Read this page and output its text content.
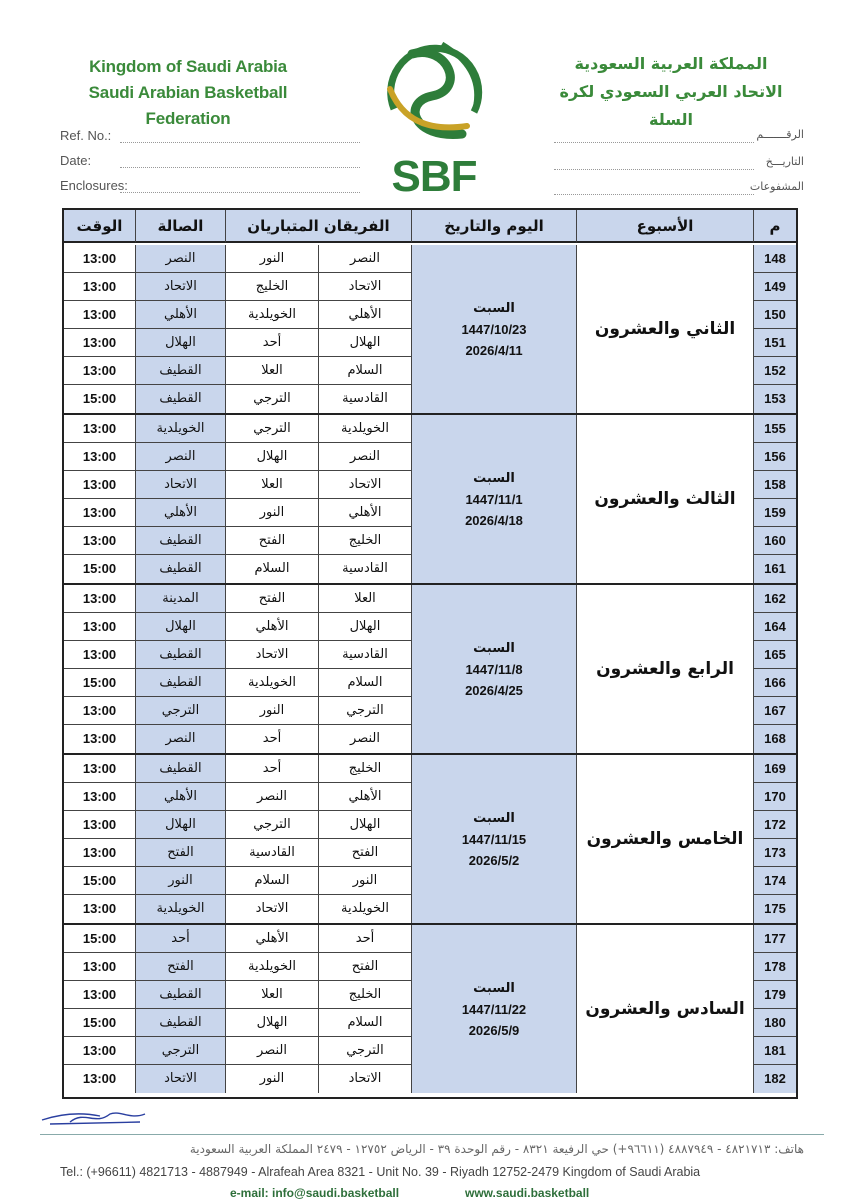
Kingdom of Saudi Arabia
Saudi Arabian Basketball Federation
SBF
المملكة العربية السعودية
الاتحاد العربي السعودي لكرة السلة
Ref. No.:
Date:
Enclosures:
الرقـــــــم
التاريـــخ
المشفوعات
الوقت	الصالة	الفريقان المتباريان	اليوم والتاريخ	الأسبوع	م
13:00	النصر	النور	النصر	148
13:00	الاتحاد	الخليج	الاتحاد	149
13:00	الأهلي	الخويلدية	الأهلي	150
13:00	الهلال	أحد	الهلال	151
13:00	القطيف	العلا	السلام	152
15:00	القطيف	الترجي	القادسية	153
السبت
1447/10/23
2026/4/11
الثاني والعشرون
13:00	الخويلدية	الترجي	الخويلدية	155
13:00	النصر	الهلال	النصر	156
13:00	الاتحاد	العلا	الاتحاد	158
13:00	الأهلي	النور	الأهلي	159
13:00	القطيف	الفتح	الخليج	160
15:00	القطيف	السلام	القادسية	161
السبت
1447/11/1
2026/4/18
الثالث والعشرون
13:00	المدينة	الفتح	العلا	162
13:00	الهلال	الأهلي	الهلال	164
13:00	القطيف	الاتحاد	القادسية	165
15:00	القطيف	الخويلدية	السلام	166
13:00	الترجي	النور	الترجي	167
13:00	النصر	أحد	النصر	168
السبت
1447/11/8
2026/4/25
الرابع والعشرون
13:00	القطيف	أحد	الخليج	169
13:00	الأهلي	النصر	الأهلي	170
13:00	الهلال	الترجي	الهلال	172
13:00	الفتح	القادسية	الفتح	173
15:00	النور	السلام	النور	174
13:00	الخويلدية	الاتحاد	الخويلدية	175
السبت
1447/11/15
2026/5/2
الخامس والعشرون
15:00	أحد	الأهلي	أحد	177
13:00	الفتح	الخويلدية	الفتح	178
13:00	القطيف	العلا	الخليج	179
15:00	القطيف	الهلال	السلام	180
13:00	الترجي	النصر	الترجي	181
13:00	الاتحاد	النور	الاتحاد	182
السبت
1447/11/22
2026/5/9
السادس والعشرون
هاتف: ٤٨٢١٧١٣ - ٤٨٨٧٩٤٩ (٩٦٦١١+) حي الرفيعة ٨٣٢١ - رقم الوحدة ٣٩ - الرياض ١٢٧٥٢ - ٢٤٧٩ المملكة العربية السعودية
Tel.: (+96611) 4821713 - 4887949 - Alrafeah Area 8321 - Unit No. 39 - Riyadh 12752-2479 Kingdom of Saudi Arabia
e-mail: info@saudi.basketball	www.saudi.basketball
